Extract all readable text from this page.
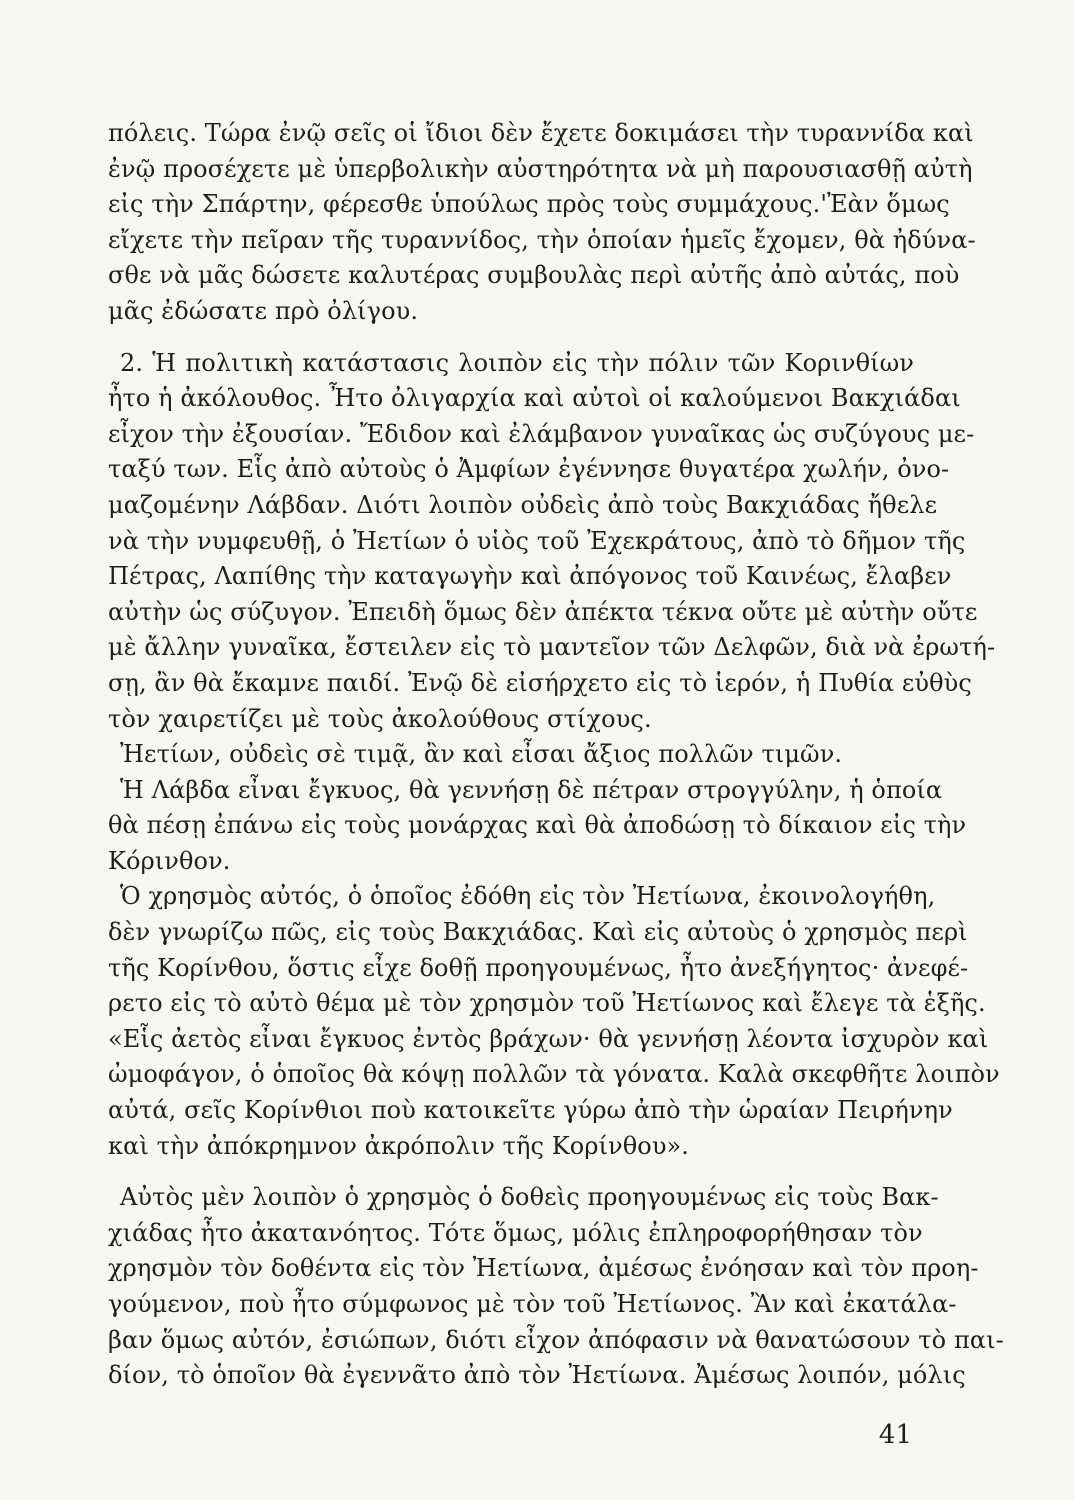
πόλεις. Τώρα ἐνῷ σεῖς οἱ ἴδιοι δὲν ἔχετε δοκιμάσει τὴν τυραννίδα καὶ
ἐνῷ προσέχετε μὲ ὑπερβολικὴν αὐστηρότητα νὰ μὴ παρουσιασθῇ αὐτὴ
εἰς τὴν Σπάρτην, φέρεσθε ὑπούλως πρὸς τοὺς συμμάχους.'Ἐὰν ὅμως
εἴχετε τὴν πεῖραν τῆς τυραννίδος, τὴν ὁποίαν ἡμεῖς ἔχομεν, θὰ ἠδύνα-
σθε νὰ μᾶς δώσετε καλυτέρας συμβουλὰς περὶ αὐτῆς ἀπὸ αὐτάς, ποὺ
μᾶς ἐδώσατε πρὸ ὀλίγου.
2. Ἡ πολιτικὴ κατάστασις λοιπὸν εἰς τὴν πόλιν τῶν Κορινθίων
ἦτο ἡ ἀκόλουθος. Ἦτο ὀλιγαρχία καὶ αὐτοὶ οἱ καλούμενοι Βακχιάδαι
εἶχον τὴν ἐξουσίαν. Ἔδιδον καὶ ἐλάμβανον γυναῖκας ὡς συζύγους με-
ταξύ των. Εἷς ἀπὸ αὐτοὺς ὁ Ἀμφίων ἐγέννησε θυγατέρα χωλήν, ὀνο-
μαζομένην Λάβδαν. Διότι λοιπὸν οὐδεὶς ἀπὸ τοὺς Βακχιάδας ἤθελε
νὰ τὴν νυμφευθῇ, ὁ Ἠετίων ὁ υἱὸς τοῦ Ἐχεκράτους, ἀπὸ τὸ δῆμον τῆς
Πέτρας, Λαπίθης τὴν καταγωγὴν καὶ ἀπόγονος τοῦ Καινέως, ἔλαβεν
αὐτὴν ὡς σύζυγον. Ἐπειδὴ ὅμως δὲν ἀπέκτα τέκνα οὔτε μὲ αὐτὴν οὔτε
μὲ ἄλλην γυναῖκα, ἔστειλεν εἰς τὸ μαντεῖον τῶν Δελφῶν, διὰ νὰ ἐρωτή-
σῃ, ἂν θὰ ἔκαμνε παιδί. Ἐνῷ δὲ εἰσήρχετο εἰς τὸ ἱερόν, ἡ Πυθία εὐθὺς
τὸν χαιρετίζει μὲ τοὺς ἀκολούθους στίχους.
Ἠετίων, οὐδεὶς σὲ τιμᾷ, ἂν καὶ εἶσαι ἄξιος πολλῶν τιμῶν.
Ἡ Λάβδα εἶναι ἔγκυος, θὰ γεννήσῃ δὲ πέτραν στρογγύλην, ἡ ὁποία
θὰ πέσῃ ἐπάνω εἰς τοὺς μονάρχας καὶ θὰ ἀποδώσῃ τὸ δίκαιον εἰς τὴν
Κόρινθον.
Ὁ χρησμὸς αὐτός, ὁ ὁποῖος ἐδόθη εἰς τὸν Ἠετίωνα, ἐκοινολογήθη,
δὲν γνωρίζω πῶς, εἰς τοὺς Βακχιάδας. Καὶ εἰς αὐτοὺς ὁ χρησμὸς περὶ
τῆς Κορίνθου, ὅστις εἶχε δοθῇ προηγουμένως, ἦτο ἀνεξήγητος· ἀνεφέ-
ρετο εἰς τὸ αὐτὸ θέμα μὲ τὸν χρησμὸν τοῦ Ἠετίωνος καὶ ἔλεγε τὰ ἑξῆς.
«Εἷς ἀετὸς εἶναι ἔγκυος ἐντὸς βράχων· θὰ γεννήσῃ λέοντα ἰσχυρὸν καὶ
ὠμοφάγον, ὁ ὁποῖος θὰ κόψῃ πολλῶν τὰ γόνατα. Καλὰ σκεφθῆτε λοιπὸν
αὐτά, σεῖς Κορίνθιοι ποὺ κατοικεῖτε γύρω ἀπὸ τὴν ὡραίαν Πειρήνην
καὶ τὴν ἀπόκρημνον ἀκρόπολιν τῆς Κορίνθου».
Αὐτὸς μὲν λοιπὸν ὁ χρησμὸς ὁ δοθεὶς προηγουμένως εἰς τοὺς Βακ-
χιάδας ἦτο ἀκατανόητος. Τότε ὅμως, μόλις ἐπληροφορήθησαν τὸν
χρησμὸν τὸν δοθέντα εἰς τὸν Ἠετίωνα, ἀμέσως ἐνόησαν καὶ τὸν προη-
γούμενον, ποὺ ἦτο σύμφωνος μὲ τὸν τοῦ Ἠετίωνος. Ἂν καὶ ἐκατάλα-
βαν ὅμως αὐτόν, ἐσιώπων, διότι εἶχον ἀπόφασιν νὰ θανατώσουν τὸ παι-
δίον, τὸ ὁποῖον θὰ ἐγεννᾶτο ἀπὸ τὸν Ἠετίωνα. Ἀμέσως λοιπόν, μόλις
41
